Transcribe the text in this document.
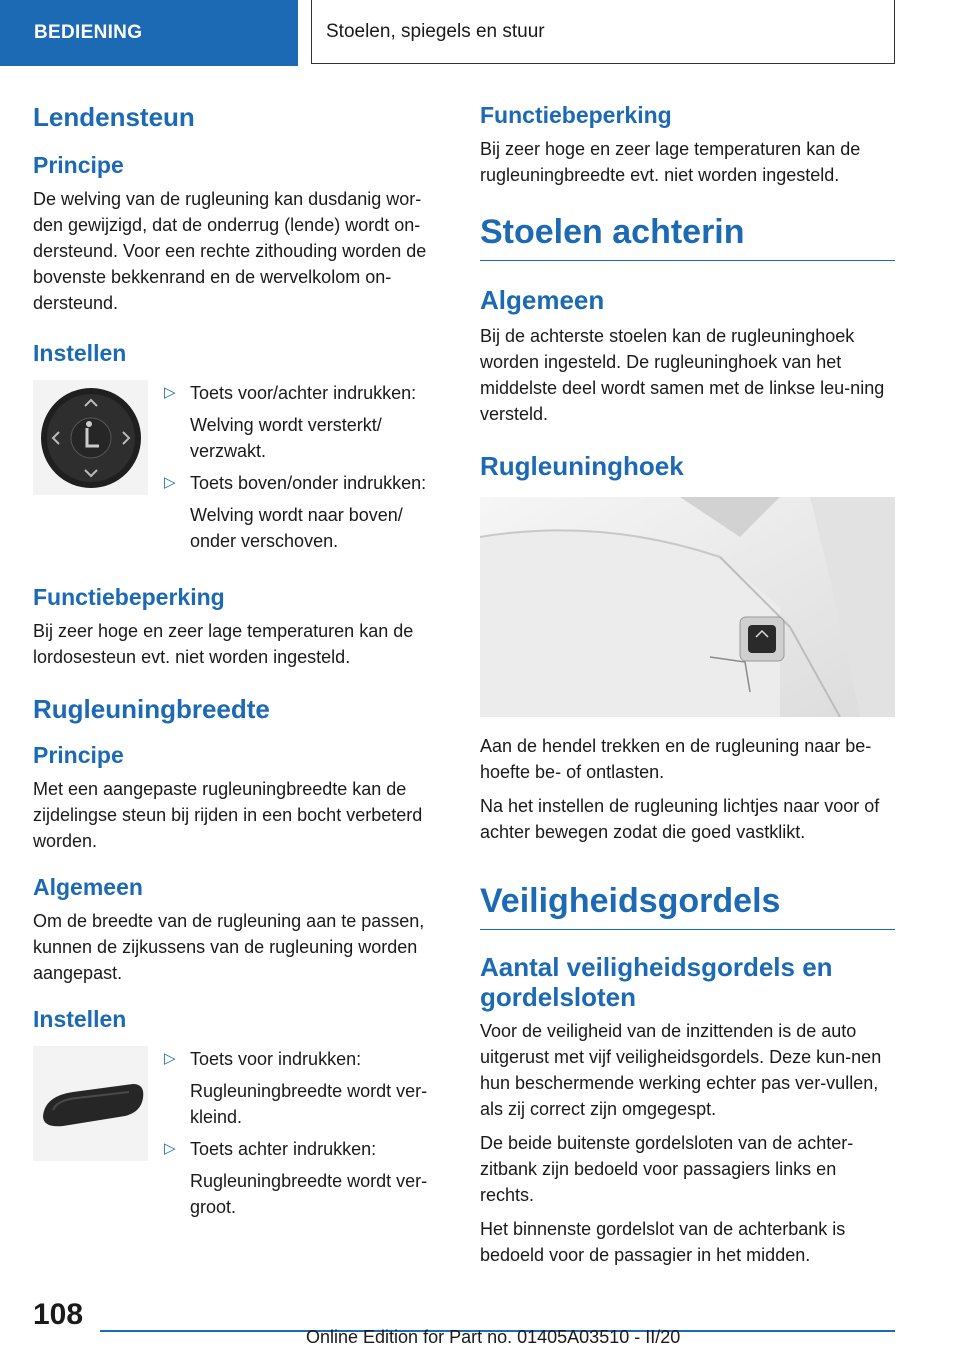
BEDIENING	Stoelen, spiegels en stuur
Lendensteun
Principe

De welving van de rugleuning kan dusdanig wor‐den gewijzigd, dat de onderrug (lende) wordt on‐dersteund. Voor een rechte zithouding worden de bovenste bekkenrand en de wervelkolom on‐dersteund.

Instellen
▷ Toets voor/achter indrukken:
Welving wordt versterkt/ verzwakt.
▷ Toets boven/onder indrukken:
Welving wordt naar boven/ onder verschoven.
Functiebeperking

Bij zeer hoge en zeer lage temperaturen kan de lordosesteun evt. niet worden ingesteld.

Rugleuningbreedte
Principe

Met een aangepaste rugleuningbreedte kan de zijdelingse steun bij rijden in een bocht verbeterd worden.

Algemeen

Om de breedte van de rugleuning aan te passen, kunnen de zijkussens van de rugleuning worden aangepast.

Instellen
▷ Toets voor indrukken:
Rugleuningbreedte wordt ver‐kleind.
▷ Toets achter indrukken:
Rugleuningbreedte wordt ver‐groot.
Functiebeperking

Bij zeer hoge en zeer lage temperaturen kan de rugleuningbreedte evt. niet worden ingesteld.

Stoelen achterin
Algemeen

Bij de achterste stoelen kan de rugleuninghoek worden ingesteld. De rugleuninghoek van het middelste deel wordt samen met de linkse leu‐ning versteld.

Rugleuninghoek

Aan de hendel trekken en de rugleuning naar be‐hoefte be- of ontlasten.

Na het instellen de rugleuning lichtjes naar voor of achter bewegen zodat die goed vastklikt.

Veiligheidsgordels
Aantal veiligheidsgordels en gordelsloten

Voor de veiligheid van de inzittenden is de auto uitgerust met vijf veiligheidsgordels. Deze kun‐nen hun beschermende werking echter pas ver‐vullen, als zij correct zijn omgegespt.

De beide buitenste gordelsloten van de achter‐zitbank zijn bedoeld voor passagiers links en rechts.

Het binnenste gordelslot van de achterbank is bedoeld voor de passagier in het midden.

108
Online Edition for Part no. 01405A03510 - II/20
